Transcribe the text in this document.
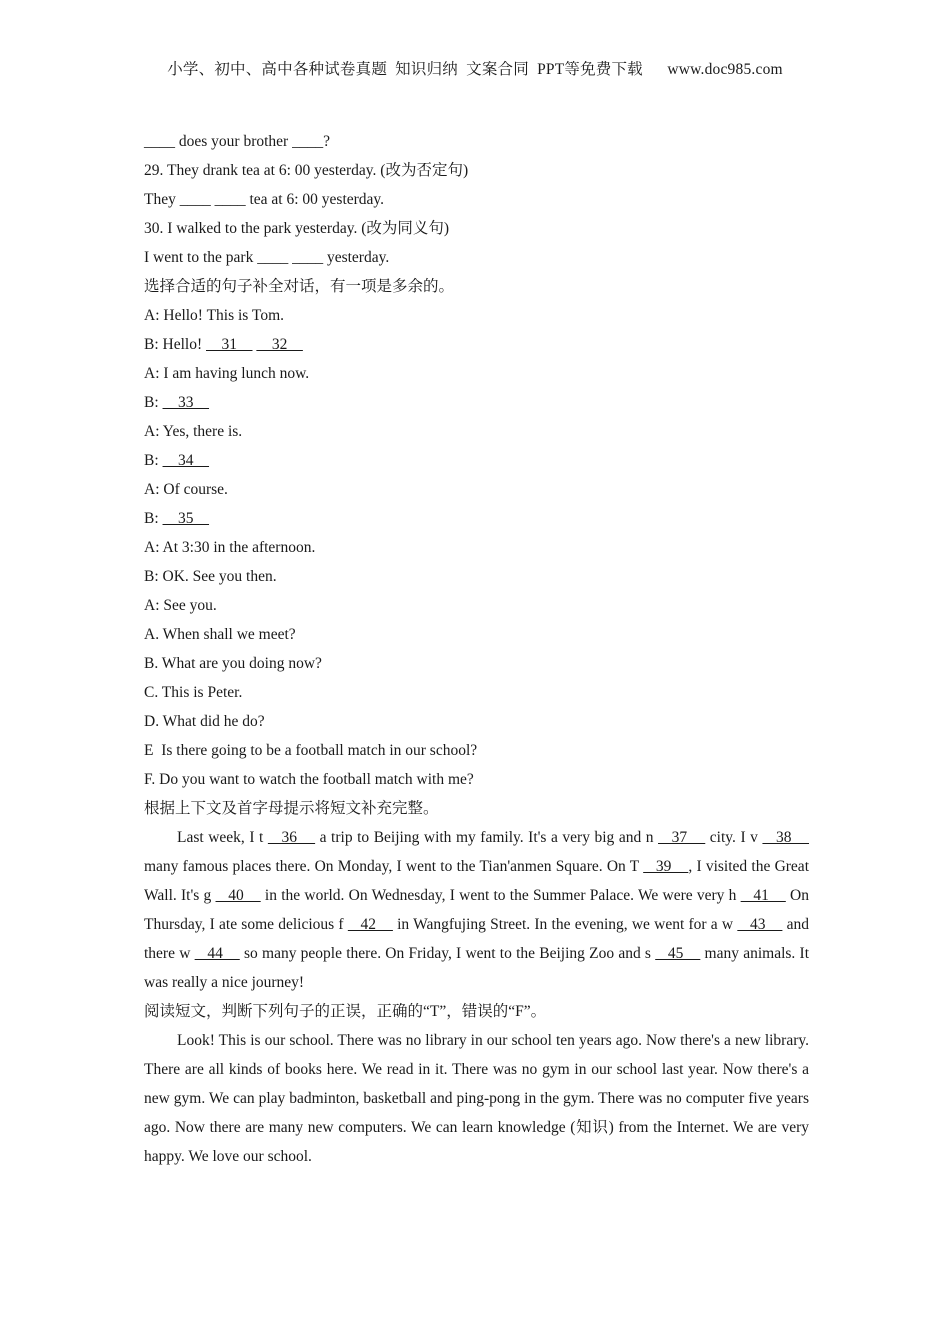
小学、初中、高中各种试卷真题  知识归纳  文案合同  PPT等免费下载      www.doc985.com
____ does your brother ____?
29. They drank tea at 6: 00 yesterday. (改为否定句)
They ____ ____ tea at 6: 00 yesterday.
30. I walked to the park yesterday. (改为同义句)
I went to the park ____ ____ yesterday.
选择合适的句子补全对话，有一项是多余的。
A: Hello! This is Tom.
B: Hello!     31         32
A: I am having lunch now.
B:     33
A: Yes, there is.
B:     34
A: Of course.
B:     35
A: At 3:30 in the afternoon.
B: OK. See you then.
A: See you.
A. When shall we meet?
B. What are you doing now?
C. This is Peter.
D. What did he do?
E  Is there going to be a football match in our school?
F. Do you want to watch the football match with me?
根据上下文及首字母提示将短文补充完整。
Last week, I t    36     a trip to Beijing with my family. It's a very big and n    37     city. I v    38     many famous places there. On Monday, I went to the Tian'anmen Square. On T    39    , I visited the Great Wall. It's g    40     in the world. On Wednesday, I went to the Summer Palace. We were very h    41     On Thursday, I ate some delicious f    42     in Wangfujing Street. In the evening, we went for a w    43     and there w    44     so many people there. On Friday, I went to the Beijing Zoo and s    45     many animals. It was really a nice journey!
阅读短文，判断下列句子的正误，正确的“T”，错误的“F”。
Look! This is our school. There was no library in our school ten years ago. Now there's a new library. There are all kinds of books here. We read in it. There was no gym in our school last year. Now there's a new gym. We can play badminton, basketball and ping-pong in the gym. There was no computer five years ago. Now there are many new computers. We can learn knowledge (知识) from the Internet. We are very happy. We love our school.
